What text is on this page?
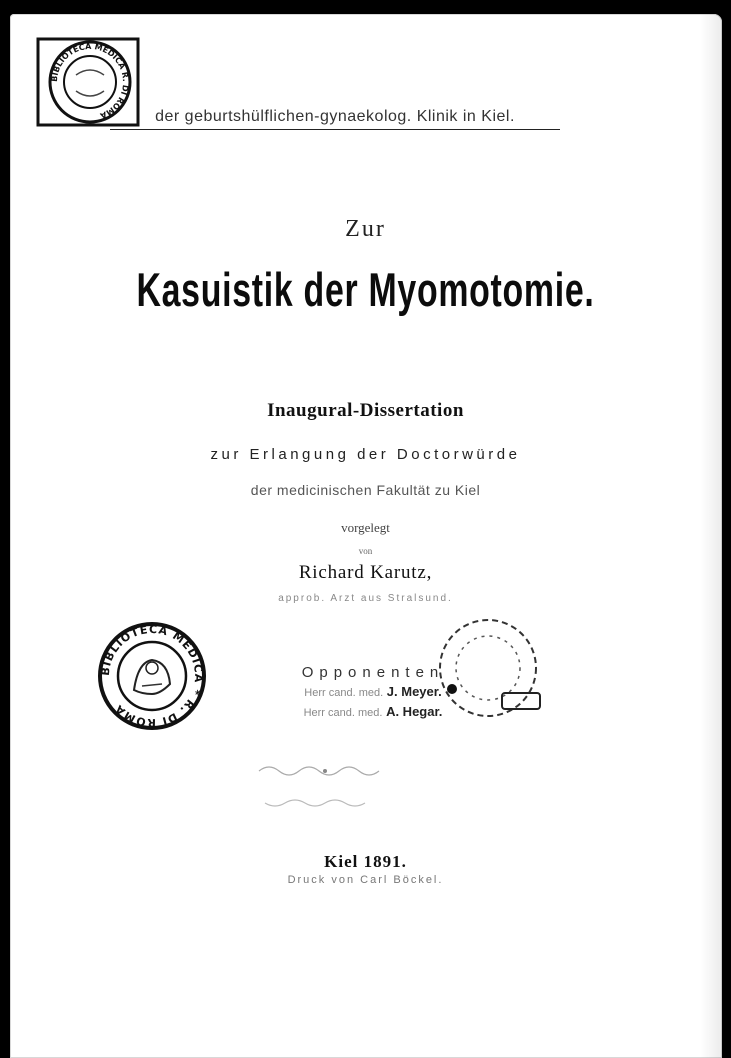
BIBLIOTECA MEDICA R. DI ROMA	der geburtshülflichen-gynaekolog. Klinik in Kiel.
Zur
Kasuistik der Myomotomie.
Inaugural-Dissertation
zur Erlangung der Doctorwürde
der medicinischen Fakultät zu Kiel
vorgelegt
von
Richard Karutz,
approb. Arzt aus Stralsund.
BIBLIOTECA MEDICA * R. DI ROMA
Opponenten
Herr cand. med. J. Meyer.
Herr cand. med. A. Hegar.
Kiel 1891.
Druck von Carl Böckel.
